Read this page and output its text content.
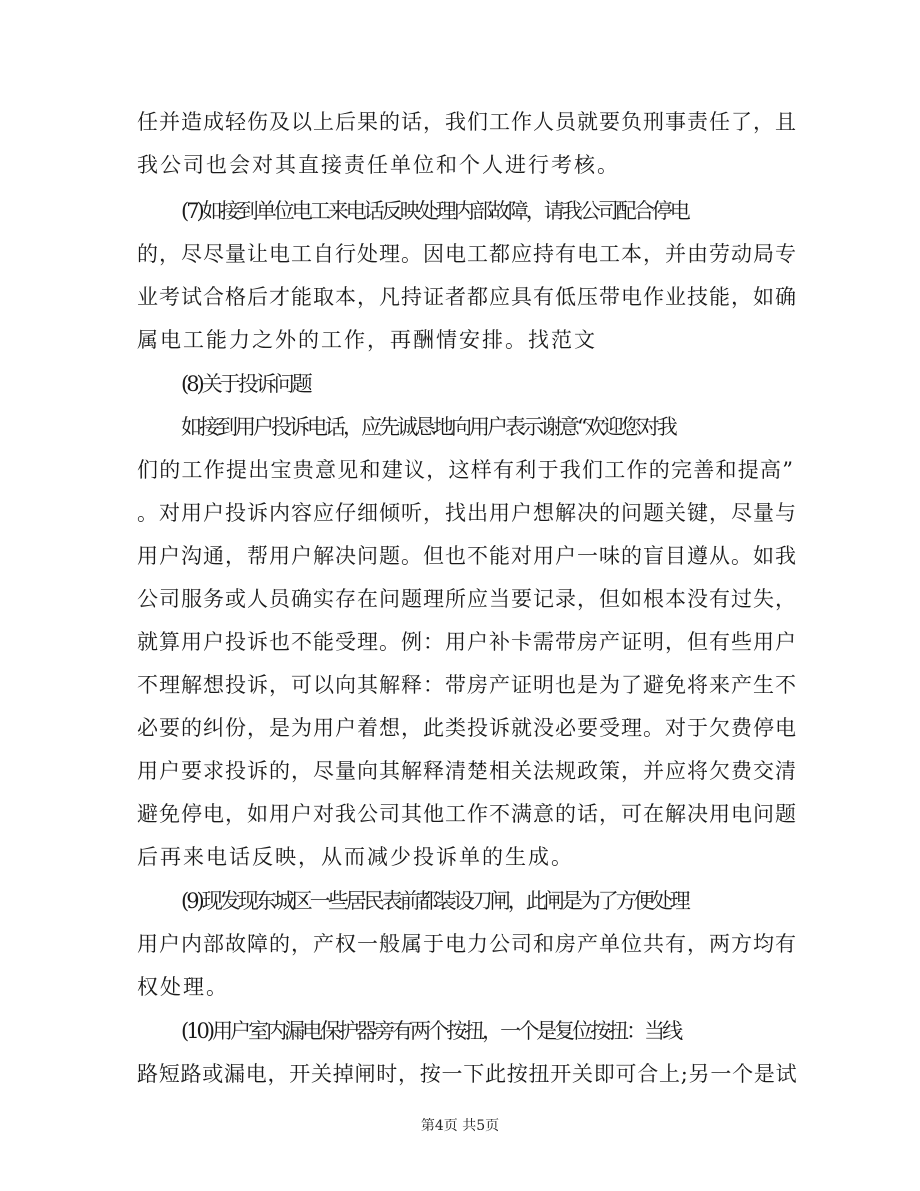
任并造成轻伤及以上后果的话，我们工作人员就要负刑事责任了，且
我公司也会对其直接责任单位和个人进行考核。
(7)如接到单位电工来电话反映处理内部故障，请我公司配合停电
的，尽尽量让电工自行处理。因电工都应持有电工本，并由劳动局专
业考试合格后才能取本，凡持证者都应具有低压带电作业技能，如确
属电工能力之外的工作，再酬情安排。找范文
(8)关于投诉问题
如接到用户投诉电话，应先诚恳地向用户表示谢意“欢迎您对我
们的工作提出宝贵意见和建议，这样有利于我们工作的完善和提高”
。对用户投诉内容应仔细倾听，找出用户想解决的问题关键，尽量与
用户沟通，帮用户解决问题。但也不能对用户一味的盲目遵从。如我
公司服务或人员确实存在问题理所应当要记录，但如根本没有过失，
就算用户投诉也不能受理。例：用户补卡需带房产证明，但有些用户
不理解想投诉，可以向其解释：带房产证明也是为了避免将来产生不
必要的纠份，是为用户着想，此类投诉就没必要受理。对于欠费停电
用户要求投诉的，尽量向其解释清楚相关法规政策，并应将欠费交清
避免停电，如用户对我公司其他工作不满意的话，可在解决用电问题
后再来电话反映，从而减少投诉单的生成。
(9)现发现东城区一些居民表前都装设刀闸，此闸是为了方便处理
用户内部故障的，产权一般属于电力公司和房产单位共有，两方均有
权处理。
(10)用户室内漏电保护器旁有两个按扭，一个是复位按扭：当线
路短路或漏电，开关掉闸时，按一下此按扭开关即可合上;另一个是试
第4页 共5页
